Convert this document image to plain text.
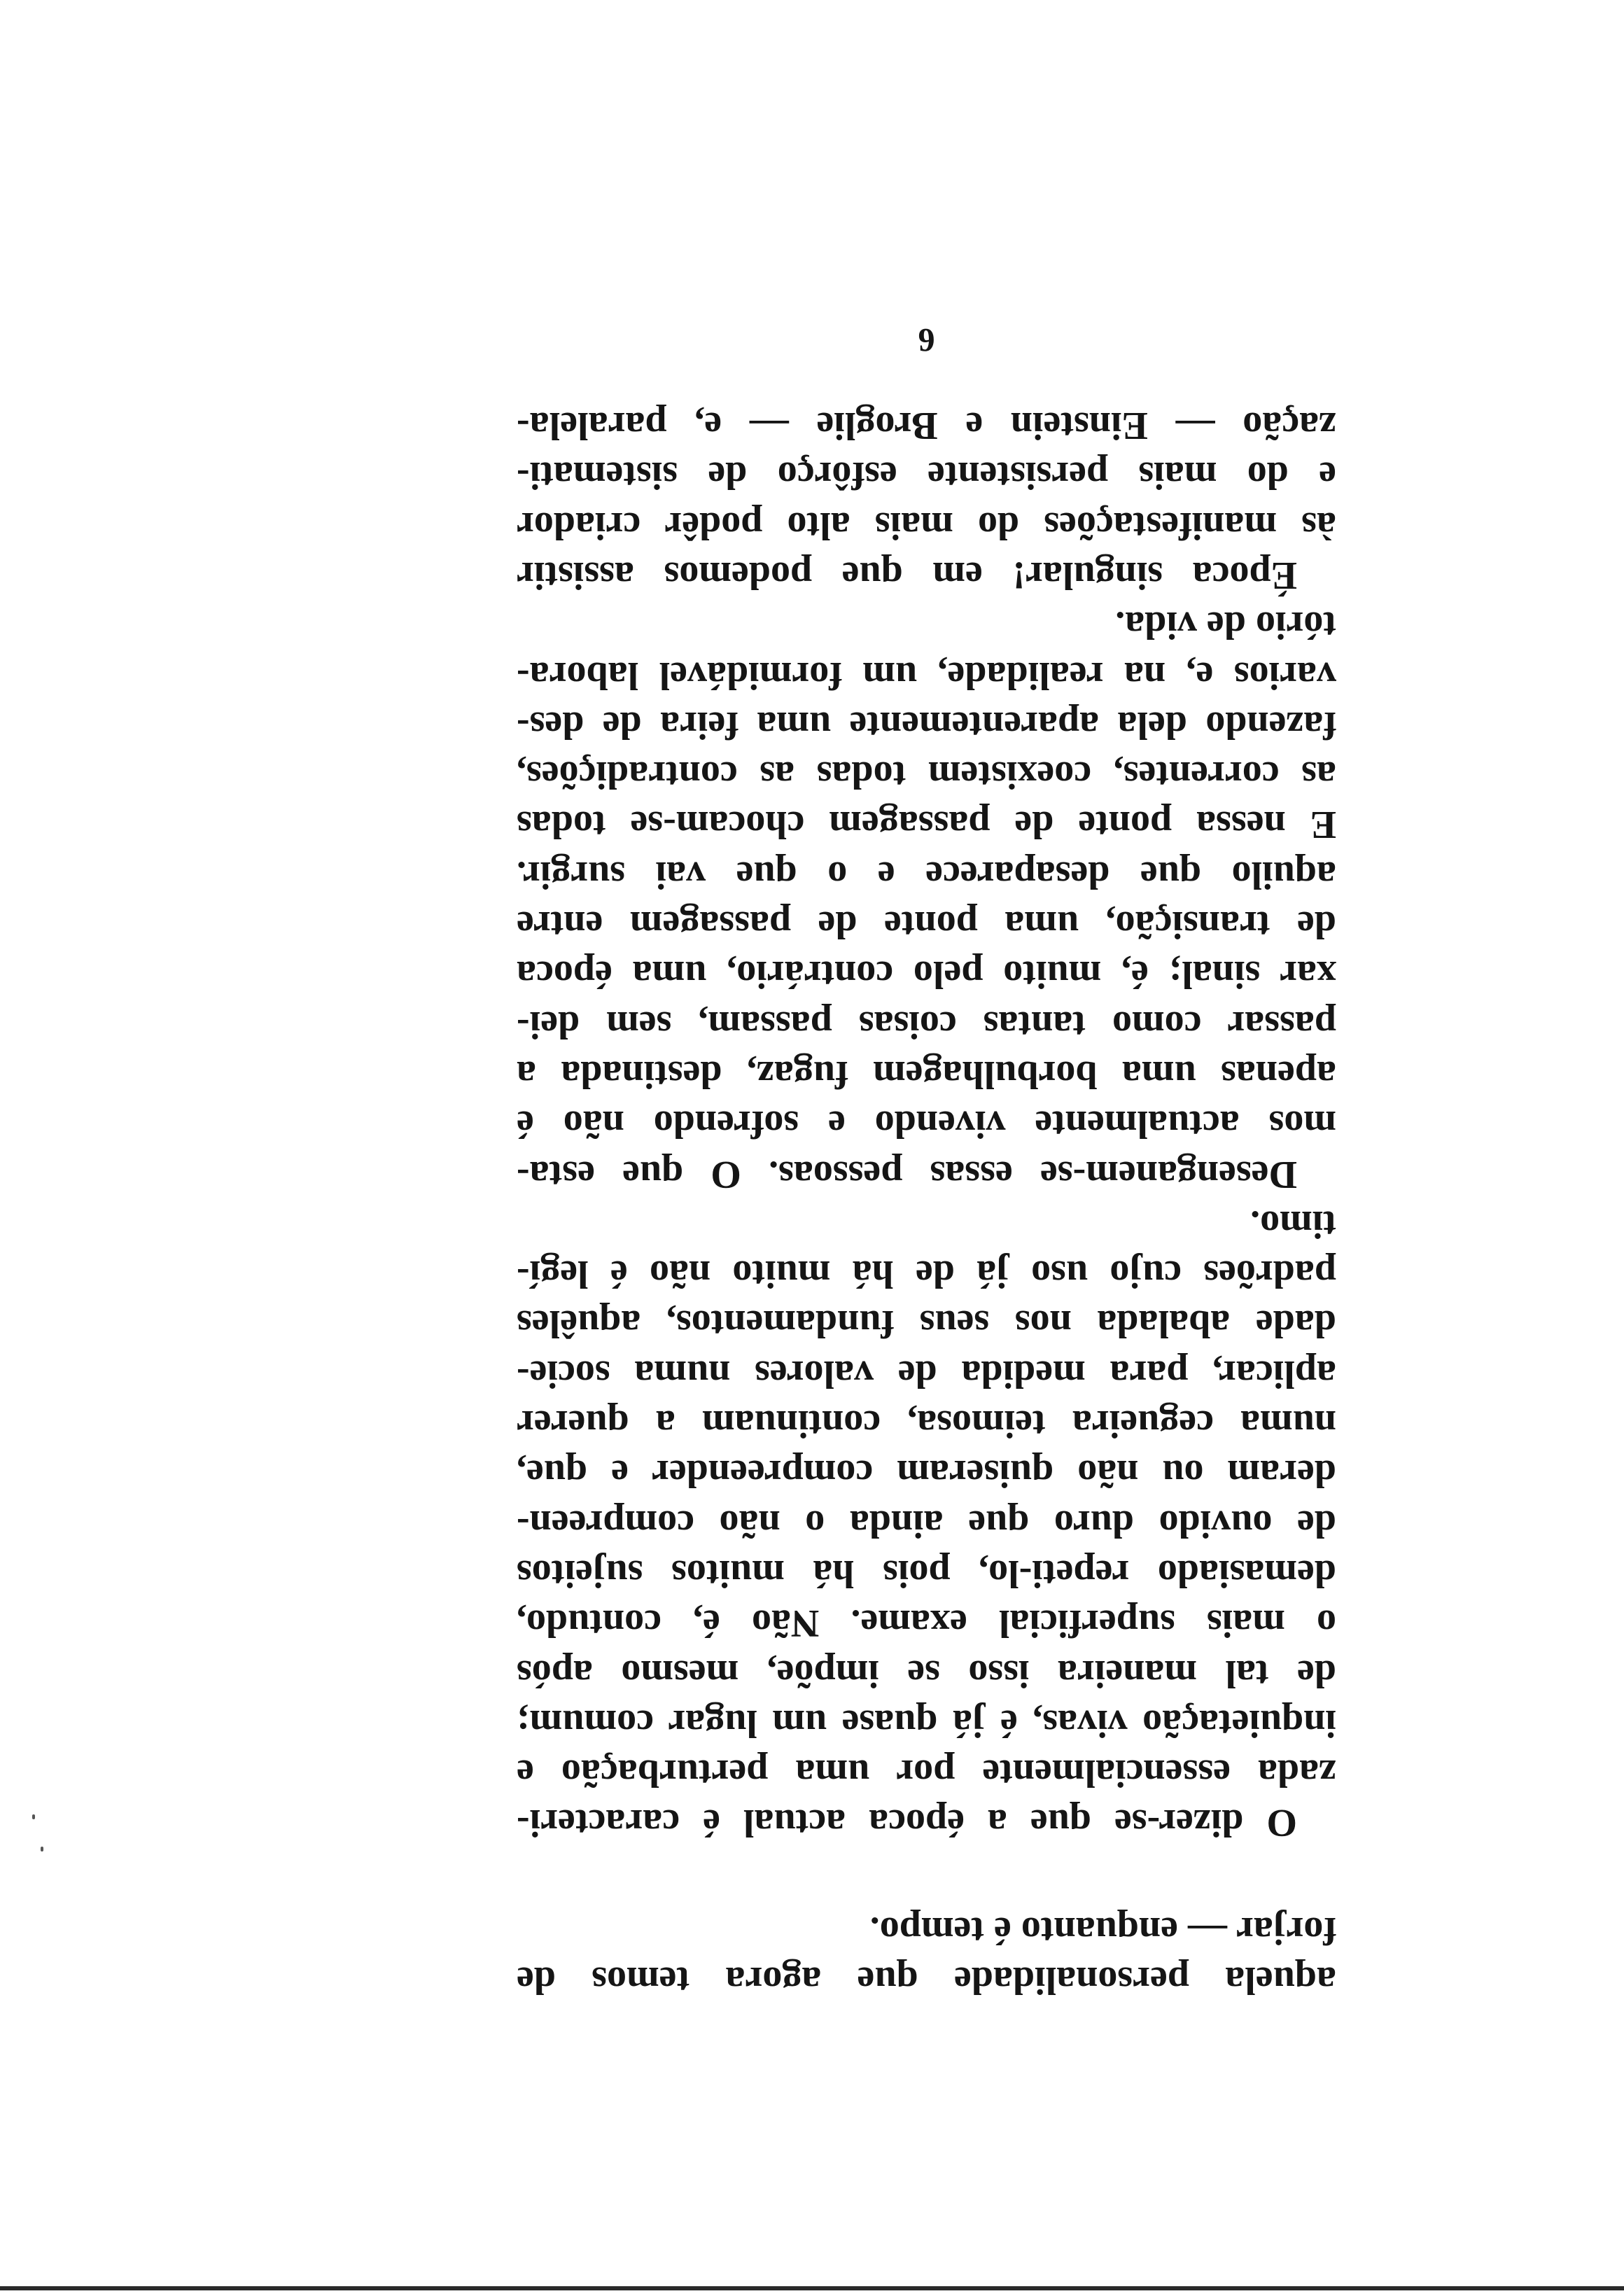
aquela personalidade que agora temos de
forjar — enquanto é tempo.
O dizer-se que a época actual é caracteri-
zada essencialmente por uma perturbação e
inquietação vivas, é já quase um lugar comum;
de tal maneira isso se impõe, mesmo após
o mais superficial exame. Não é, contudo,
demasiado repeti-lo, pois há muitos sujeitos
de ouvido duro que ainda o não compreen-
deram ou não quiseram compreender e que,
numa cegueira teimosa, continuam a querer
aplicar, para medida de valores numa socie-
dade abalada nos seus fundamentos, aquêles
padrões cujo uso já de há muito não é legí-
timo.
Desenganem-se essas pessoas. O que esta-
mos actualmente vivendo e sofrendo não é
apenas uma borbulhagem fugaz, destinada a
passar como tantas coisas passam, sem dei-
xar sinal; é, muito pelo contrário, uma época
de transição, uma ponte de passagem entre
aquilo que desaparece e o que vai surgir.
E nessa ponte de passagem chocam-se todas
as correntes, coexistem todas as contradições,
fazendo dela aparentemente uma feira de des-
varios e, na realidade, um formidável labora-
tório de vida.
Época singular! em que podemos assistir
às manifestações do mais alto podêr criador
e do mais persistente esfôrço de sistemati-
zação — Einstein e Broglie — e, paralela-
6
